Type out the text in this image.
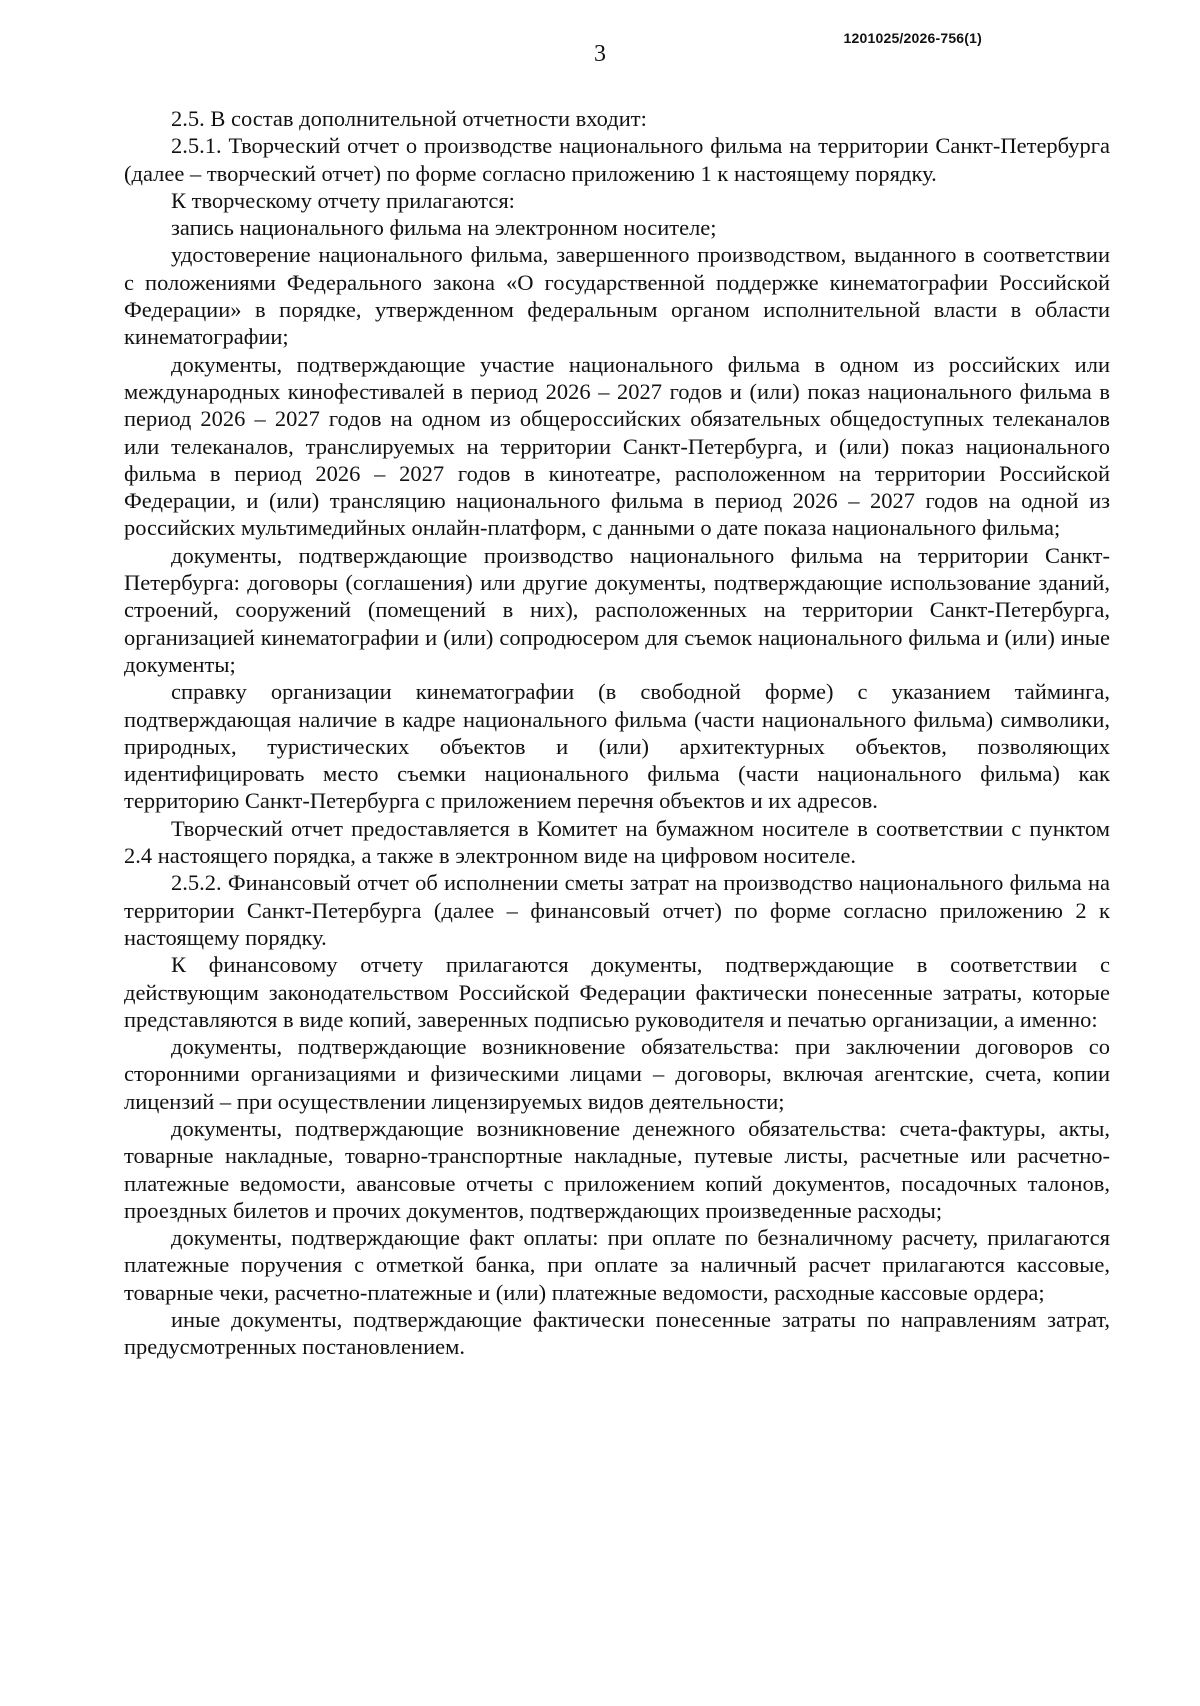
3
1201025/2026-756(1)

2.5. В состав дополнительной отчетности входит:

2.5.1. Творческий отчет о производстве национального фильма на территории Санкт-Петербурга (далее – творческий отчет) по форме согласно приложению 1 к настоящему порядку.

К творческому отчету прилагаются:

запись национального фильма на электронном носителе;

удостоверение национального фильма, завершенного производством, выданного в соответствии с положениями Федерального закона «О государственной поддержке кинематографии Российской Федерации» в порядке, утвержденном федеральным органом исполнительной власти в области кинематографии;

документы, подтверждающие участие национального фильма в одном из российских или международных кинофестивалей в период 2026 – 2027 годов и (или) показ национального фильма в период 2026 – 2027 годов на одном из общероссийских обязательных общедоступных телеканалов или телеканалов, транслируемых на территории Санкт-Петербурга, и (или) показ национального фильма в период 2026 – 2027 годов в кинотеатре, расположенном на территории Российской Федерации, и (или) трансляцию национального фильма в период 2026 – 2027 годов на одной из российских мультимедийных онлайн-платформ, с данными о дате показа национального фильма;

документы, подтверждающие производство национального фильма на территории Санкт-Петербурга: договоры (соглашения) или другие документы, подтверждающие использование зданий, строений, сооружений (помещений в них), расположенных на территории Санкт-Петербурга, организацией кинематографии и (или) сопродюсером для съемок национального фильма и (или) иные документы;

справку организации кинематографии (в свободной форме) с указанием тайминга, подтверждающая наличие в кадре национального фильма (части национального фильма) символики, природных, туристических объектов и (или) архитектурных объектов, позволяющих идентифицировать место съемки национального фильма (части национального фильма) как территорию Санкт-Петербурга с приложением перечня объектов и их адресов.

Творческий отчет предоставляется в Комитет на бумажном носителе в соответствии с пунктом 2.4 настоящего порядка, а также в электронном виде на цифровом носителе.

2.5.2. Финансовый отчет об исполнении сметы затрат на производство национального фильма на территории Санкт-Петербурга (далее – финансовый отчет) по форме согласно приложению 2 к настоящему порядку.

К финансовому отчету прилагаются документы, подтверждающие в соответствии с действующим законодательством Российской Федерации фактически понесенные затраты, которые представляются в виде копий, заверенных подписью руководителя и печатью организации, а именно:

документы, подтверждающие возникновение обязательства: при заключении договоров со сторонними организациями и физическими лицами – договоры, включая агентские, счета, копии лицензий – при осуществлении лицензируемых видов деятельности;

документы, подтверждающие возникновение денежного обязательства: счета-фактуры, акты, товарные накладные, товарно-транспортные накладные, путевые листы, расчетные или расчетно-платежные ведомости, авансовые отчеты с приложением копий документов, посадочных талонов, проездных билетов и прочих документов, подтверждающих произведенные расходы;

документы, подтверждающие факт оплаты: при оплате по безналичному расчету, прилагаются платежные поручения с отметкой банка, при оплате за наличный расчет прилагаются кассовые, товарные чеки, расчетно-платежные и (или) платежные ведомости, расходные кассовые ордера;

иные документы, подтверждающие фактически понесенные затраты по направлениям затрат, предусмотренных постановлением.
